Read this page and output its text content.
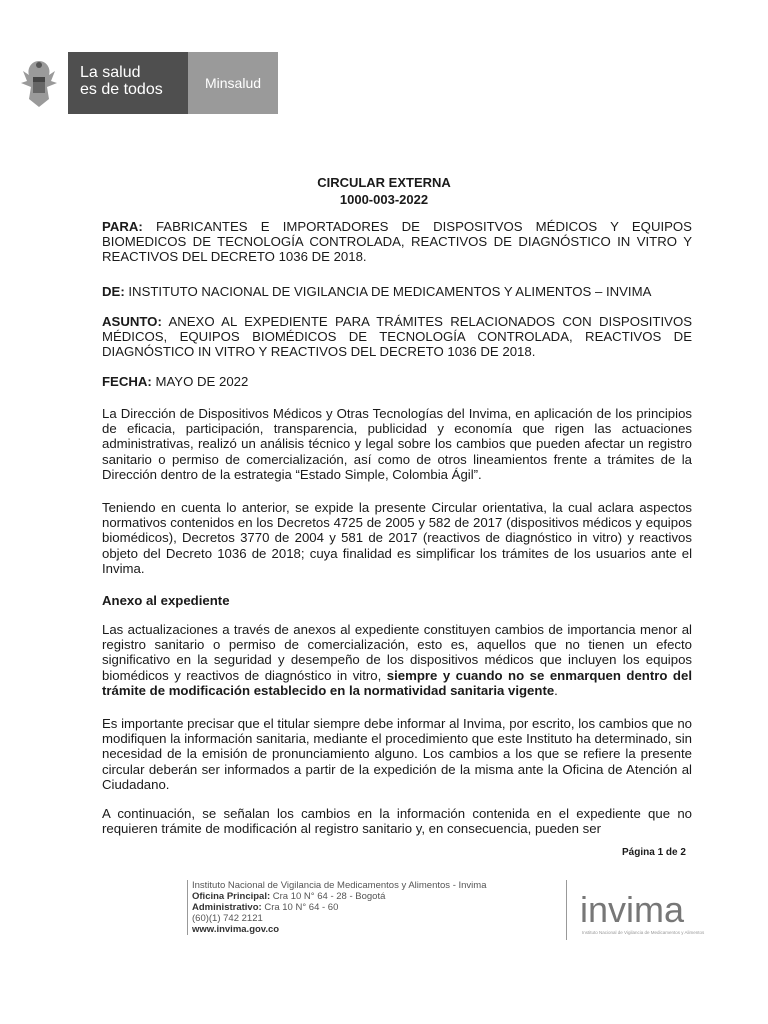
La salud
es de todos	Minsalud
CIRCULAR EXTERNA
1000-003-2022
PARA: FABRICANTES E IMPORTADORES DE DISPOSITVOS MÉDICOS Y EQUIPOS BIOMEDICOS DE TECNOLOGÍA CONTROLADA, REACTIVOS DE DIAGNÓSTICO IN VITRO Y REACTIVOS DEL DECRETO 1036 DE 2018.
DE: INSTITUTO NACIONAL DE VIGILANCIA DE MEDICAMENTOS Y ALIMENTOS – INVIMA
ASUNTO: ANEXO AL EXPEDIENTE PARA TRÁMITES RELACIONADOS CON DISPOSITIVOS MÉDICOS, EQUIPOS BIOMÉDICOS DE TECNOLOGÍA CONTROLADA, REACTIVOS DE DIAGNÓSTICO IN VITRO Y REACTIVOS DEL DECRETO 1036 DE 2018.
FECHA: MAYO DE 2022
La Dirección de Dispositivos Médicos y Otras Tecnologías del Invima, en aplicación de los principios de eficacia, participación, transparencia, publicidad y economía que rigen las actuaciones administrativas, realizó un análisis técnico y legal sobre los cambios que pueden afectar un registro sanitario o permiso de comercialización, así como de otros lineamientos frente a trámites de la Dirección dentro de la estrategia “Estado Simple, Colombia Ágil”.
Teniendo en cuenta lo anterior, se expide la presente Circular orientativa, la cual aclara aspectos normativos contenidos en los Decretos 4725 de 2005 y 582 de 2017 (dispositivos médicos y equipos biomédicos), Decretos 3770 de 2004 y 581 de 2017 (reactivos de diagnóstico in vitro) y reactivos objeto del Decreto 1036 de 2018; cuya finalidad es simplificar los trámites de los usuarios ante el Invima.
Anexo al expediente
Las actualizaciones a través de anexos al expediente constituyen cambios de importancia menor al registro sanitario o permiso de comercialización, esto es, aquellos que no tienen un efecto significativo en la seguridad y desempeño de los dispositivos médicos que incluyen los equipos biomédicos y reactivos de diagnóstico in vitro, siempre y cuando no se enmarquen dentro del trámite de modificación establecido en la normatividad sanitaria vigente.
Es importante precisar que el titular siempre debe informar al Invima, por escrito, los cambios que no modifiquen la información sanitaria, mediante el procedimiento que este Instituto ha determinado, sin necesidad de la emisión de pronunciamiento alguno. Los cambios a los que se refiere la presente circular deberán ser informados a partir de la expedición de la misma ante la Oficina de Atención al Ciudadano.
A continuación, se señalan los cambios en la información contenida en el expediente que no requieren trámite de modificación al registro sanitario y, en consecuencia, pueden ser
Página 1 de 2
Instituto Nacional de Vigilancia de Medicamentos y Alimentos - Invima
Oficina Principal: Cra 10 N° 64 - 28 - Bogotá
Administrativo: Cra 10 N° 64 - 60
(60)(1) 742 2121
www.invima.gov.co	invima
Instituto Nacional de Vigilancia de Medicamentos y Alimentos
